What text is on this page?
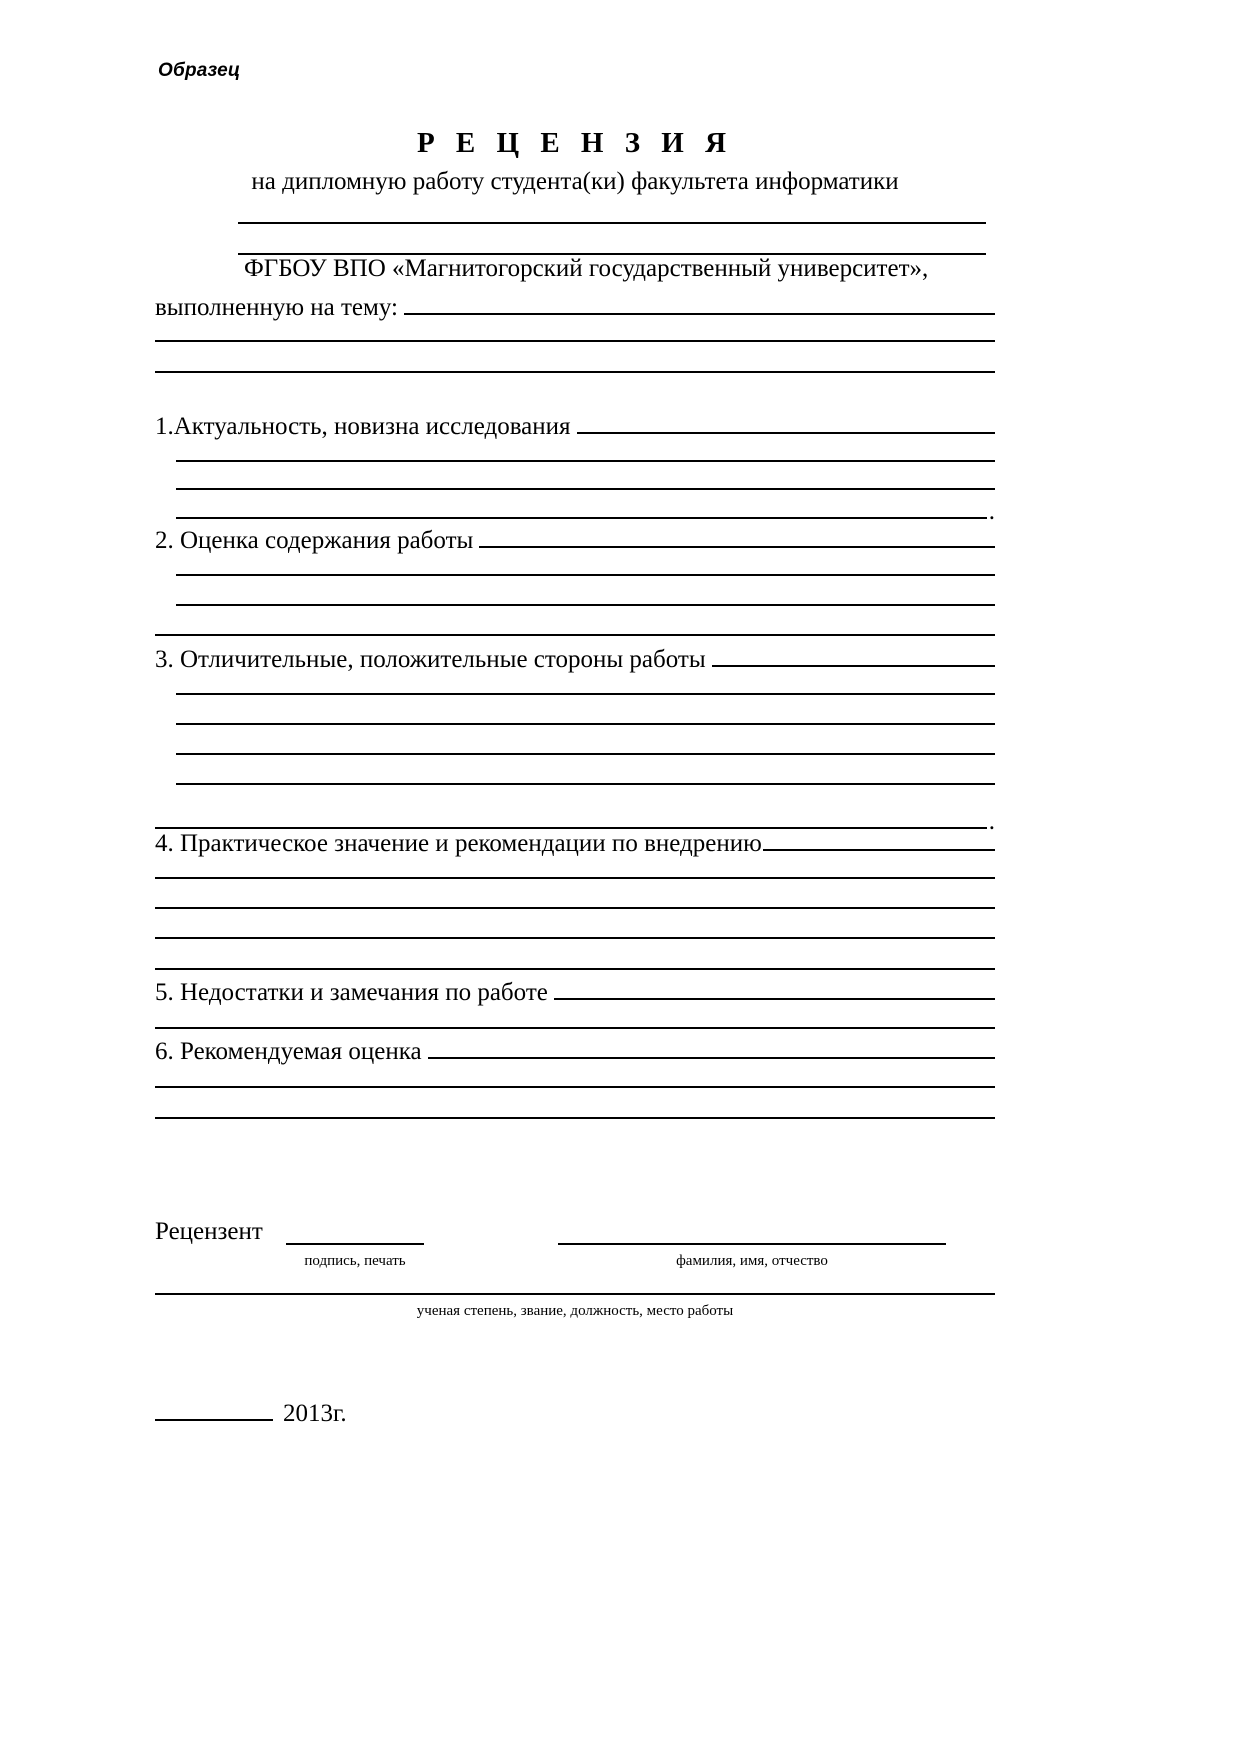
Образец
Р Е Ц Е Н З И Я
на дипломную работу студента(ки) факультета информатики
ФГБОУ ВПО «Магнитогорский государственный университет»,
выполненную на тему:
1.Актуальность, новизна исследования
.
2. Оценка содержания работы
3. Отличительные, положительные стороны работы
.
4. Практическое значение и рекомендации по внедрению
5. Недостатки и замечания по работе
6. Рекомендуемая оценка
Рецензент
подпись, печать	фамилия, имя, отчество
ученая степень, звание, должность, место работы
2013г.
